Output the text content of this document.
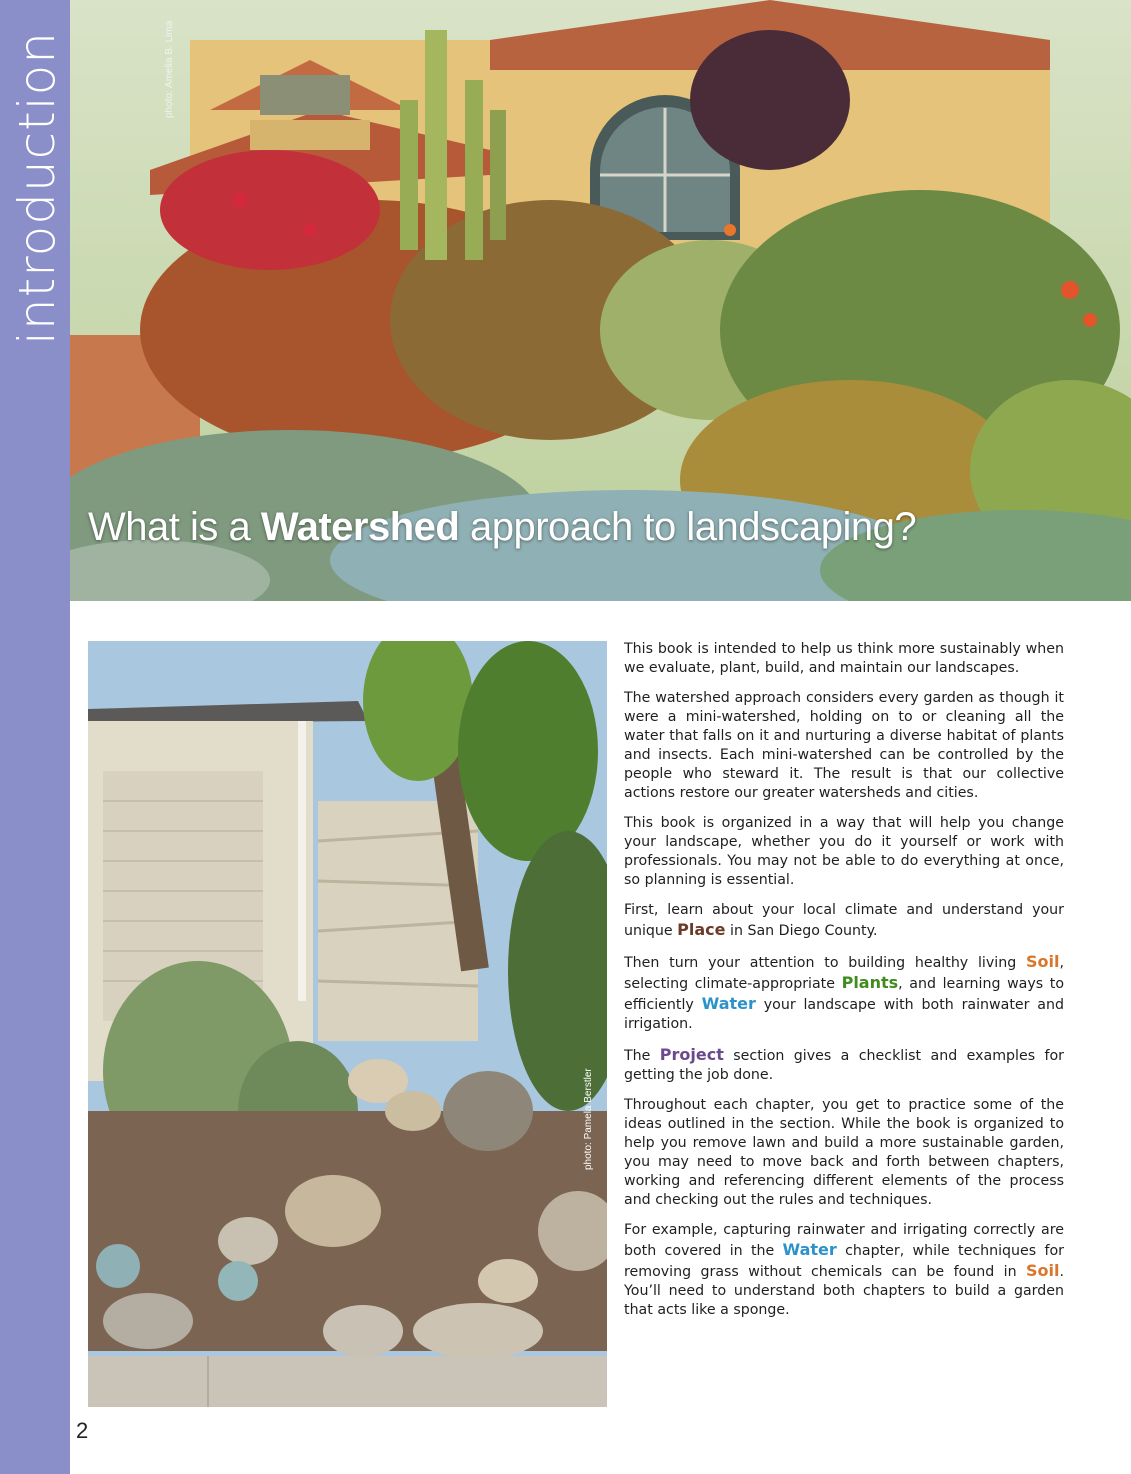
introduction	photo: Amelia B. Lima
What is a Watershed approach to landscaping?
photo: Pamela Berstler

This book is intended to help us think more sustainably when we evaluate, plant, build, and maintain our landscapes.

The watershed approach considers every garden as though it were a mini-watershed, holding on to or cleaning all the water that falls on it and nurturing a diverse habitat of plants and insects. Each mini-watershed can be controlled by the people who steward it. The result is that our collective actions restore our greater watersheds and cities.

This book is organized in a way that will help you change your landscape, whether you do it yourself or work with professionals. You may not be able to do everything at once, so planning is essential.

First, learn about your local climate and understand your unique Place in San Diego County.

Then turn your attention to building healthy living Soil, selecting climate-appropriate Plants, and learning ways to efficiently Water your landscape with both rainwater and irrigation.

The Project section gives a checklist and examples for getting the job done.

Throughout each chapter, you get to practice some of the ideas outlined in the section. While the book is organized to help you remove lawn and build a more sustainable garden, you may need to move back and forth between chapters, working and referencing different elements of the process and checking out the rules and techniques.

For example, capturing rainwater and irrigating correctly are both covered in the Water chapter, while techniques for removing grass without chemicals can be found in Soil. You’ll need to understand both chapters to build a garden that acts like a sponge.

2
